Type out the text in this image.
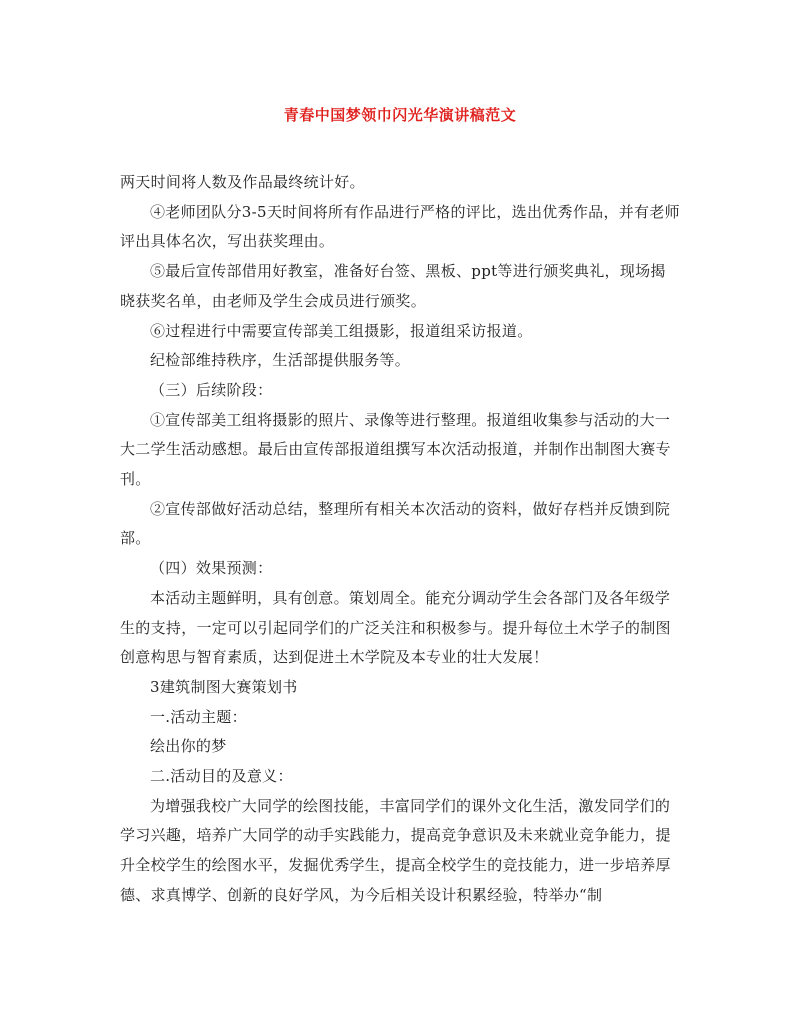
青春中国梦领巾闪光华演讲稿范文

两天时间将人数及作品最终统计好。

④老师团队分3-5天时间将所有作品进行严格的评比，选出优秀作品，并有老师评出具体名次，写出获奖理由。

⑤最后宣传部借用好教室，准备好台签、黑板、ppt等进行颁奖典礼，现场揭晓获奖名单，由老师及学生会成员进行颁奖。

⑥过程进行中需要宣传部美工组摄影，报道组采访报道。

纪检部维持秩序，生活部提供服务等。

（三）后续阶段：

①宣传部美工组将摄影的照片、录像等进行整理。报道组收集参与活动的大一大二学生活动感想。最后由宣传部报道组撰写本次活动报道，并制作出制图大赛专刊。

②宣传部做好活动总结，整理所有相关本次活动的资料，做好存档并反馈到院部。

（四）效果预测：

本活动主题鲜明，具有创意。策划周全。能充分调动学生会各部门及各年级学生的支持，一定可以引起同学们的广泛关注和积极参与。提升每位土木学子的制图创意构思与智育素质，达到促进土木学院及本专业的壮大发展！

3建筑制图大赛策划书

一.活动主题：

绘出你的梦

二.活动目的及意义：

为增强我校广大同学的绘图技能，丰富同学们的课外文化生活，激发同学们的学习兴趣，培养广大同学的动手实践能力，提高竞争意识及未来就业竞争能力，提升全校学生的绘图水平，发掘优秀学生，提高全校学生的竞技能力，进一步培养厚德、求真博学、创新的良好学风，为今后相关设计积累经验，特举办“制
